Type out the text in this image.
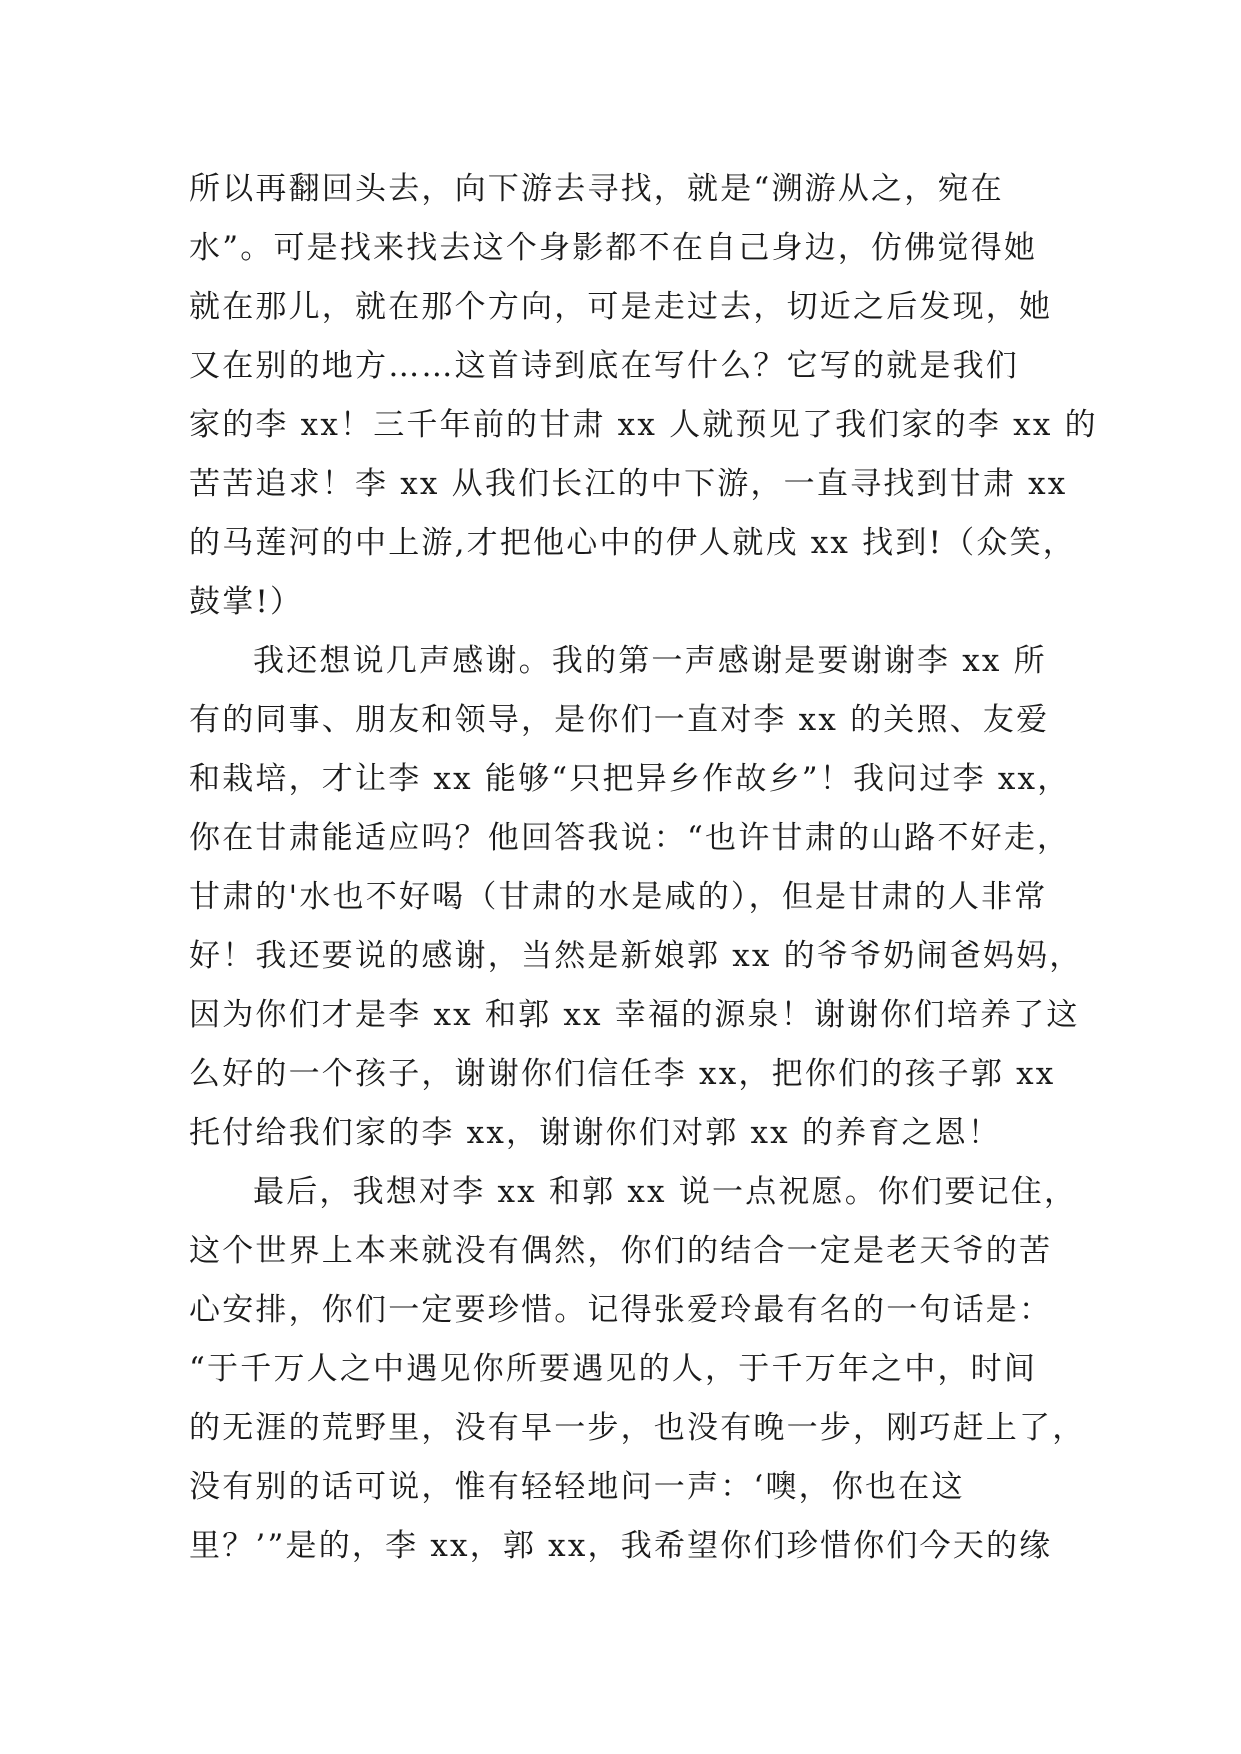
所以再翻回头去，向下游去寻找，就是“溯游从之，宛在
水”。可是找来找去这个身影都不在自己身边，仿佛觉得她
就在那儿，就在那个方向，可是走过去，切近之后发现，她
又在别的地方……这首诗到底在写什么？它写的就是我们
家的李 xx！三千年前的甘肃 xx 人就预见了我们家的李 xx 的
苦苦追求！李 xx 从我们长江的中下游，一直寻找到甘肃 xx
的马莲河的中上游,才把他心中的伊人就戌 xx 找到!（众笑，
鼓掌!）
我还想说几声感谢。我的第一声感谢是要谢谢李 xx 所
有的同事、朋友和领导，是你们一直对李 xx 的关照、友爱
和栽培，才让李 xx 能够“只把异乡作故乡”！我问过李 xx，
你在甘肃能适应吗？他回答我说：“也许甘肃的山路不好走，
甘肃的'水也不好喝（甘肃的水是咸的），但是甘肃的人非常
好！我还要说的感谢，当然是新娘郭 xx 的爷爷奶闹爸妈妈，
因为你们才是李 xx 和郭 xx 幸福的源泉！谢谢你们培养了这
么好的一个孩子，谢谢你们信任李 xx，把你们的孩子郭 xx
托付给我们家的李 xx，谢谢你们对郭 xx 的养育之恩！
最后，我想对李 xx 和郭 xx 说一点祝愿。你们要记住，
这个世界上本来就没有偶然，你们的结合一定是老天爷的苦
心安排，你们一定要珍惜。记得张爱玲最有名的一句话是：
“于千万人之中遇见你所要遇见的人，于千万年之中，时间
的无涯的荒野里，没有早一步，也没有晚一步，刚巧赶上了，
没有别的话可说，惟有轻轻地问一声：‘噢，你也在这
里？’”是的，李 xx，郭 xx，我希望你们珍惜你们今天的缘
